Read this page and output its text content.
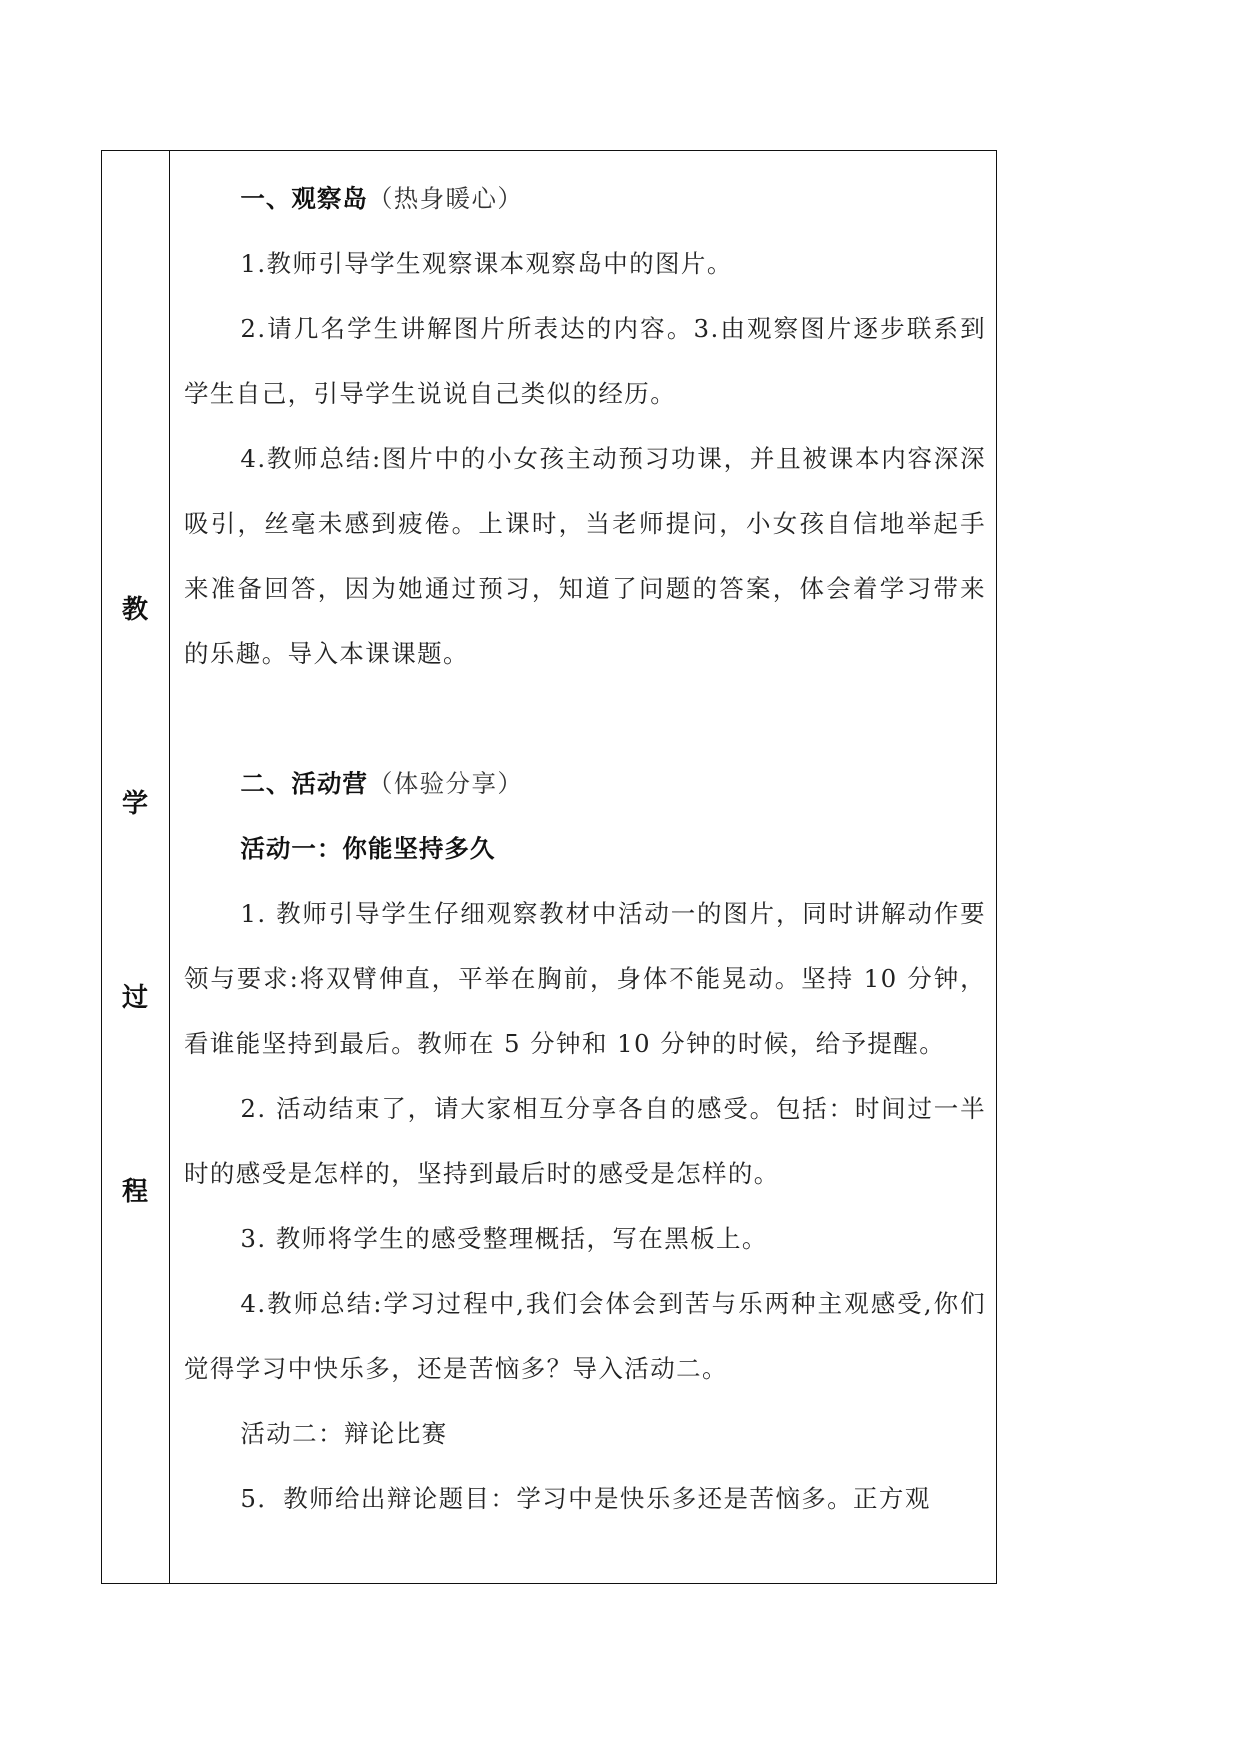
教
学
过
程

一、观察岛（热身暖心）

1.教师引导学生观察课本观察岛中的图片。

2.请几名学生讲解图片所表达的内容。3.由观察图片逐步联系到学生自己，引导学生说说自己类似的经历。

4.教师总结:图片中的小女孩主动预习功课，并且被课本内容深深吸引，丝毫未感到疲倦。上课时，当老师提问，小女孩自信地举起手来准备回答，因为她通过预习，知道了问题的答案，体会着学习带来的乐趣。导入本课课题。

二、活动营（体验分享）

活动一：你能坚持多久

1. 教师引导学生仔细观察教材中活动一的图片，同时讲解动作要领与要求:将双臂伸直，平举在胸前，身体不能晃动。坚持 10 分钟，看谁能坚持到最后。教师在 5 分钟和 10 分钟的时候，给予提醒。

2. 活动结束了，请大家相互分享各自的感受。包括：时间过一半时的感受是怎样的，坚持到最后时的感受是怎样的。

3. 教师将学生的感受整理概括，写在黑板上。

4.教师总结:学习过程中,我们会体会到苦与乐两种主观感受,你们觉得学习中快乐多，还是苦恼多？导入活动二。

活动二：辩论比赛

5．教师给出辩论题目：学习中是快乐多还是苦恼多。正方观
